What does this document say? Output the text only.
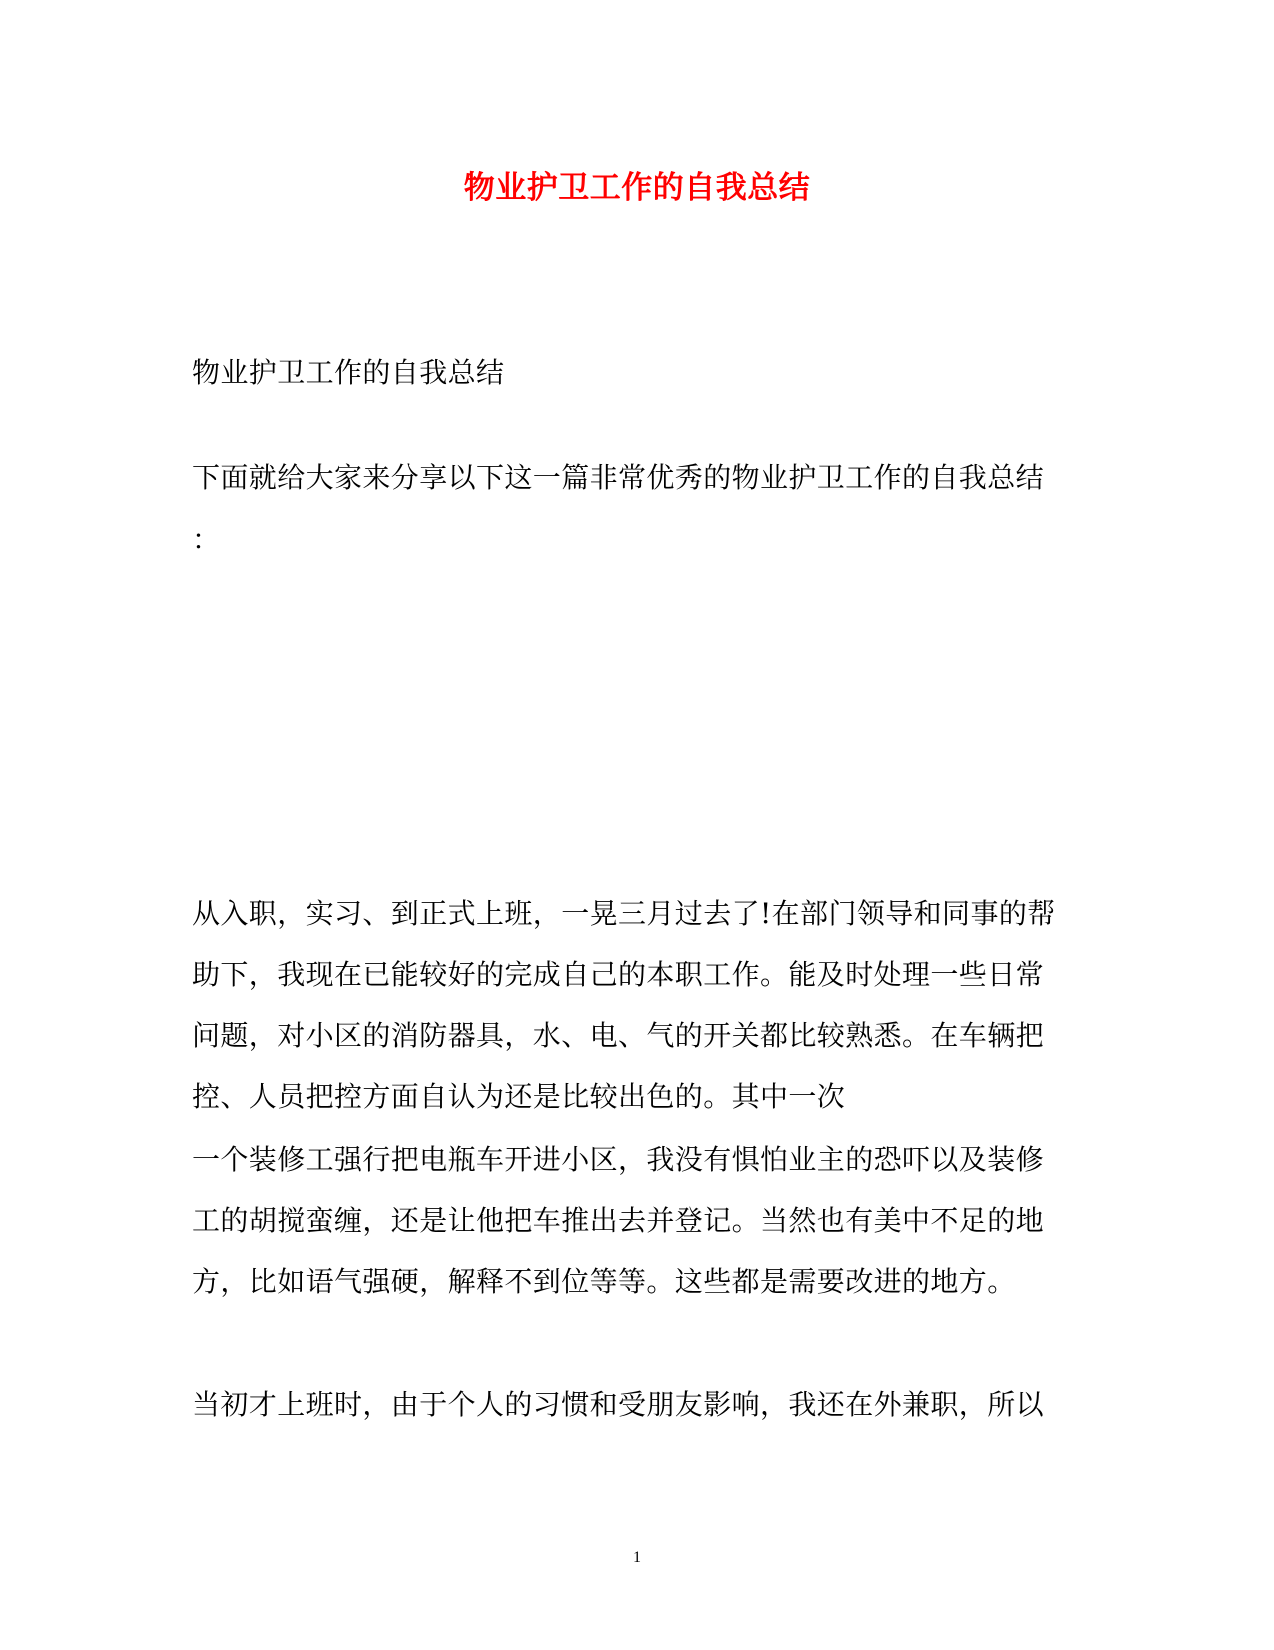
物业护卫工作的自我总结
物业护卫工作的自我总结
下面就给大家来分享以下这一篇非常优秀的物业护卫工作的自我总结
：
从入职，实习、到正式上班，一晃三月过去了!在部门领导和同事的帮
助下，我现在已能较好的完成自己的本职工作。能及时处理一些日常
问题，对小区的消防器具，水、电、气的开关都比较熟悉。在车辆把
控、人员把控方面自认为还是比较出色的。其中一次
一个装修工强行把电瓶车开进小区，我没有惧怕业主的恐吓以及装修
工的胡搅蛮缠，还是让他把车推出去并登记。当然也有美中不足的地
方，比如语气强硬，解释不到位等等。这些都是需要改进的地方。
当初才上班时，由于个人的习惯和受朋友影响，我还在外兼职，所以
1
